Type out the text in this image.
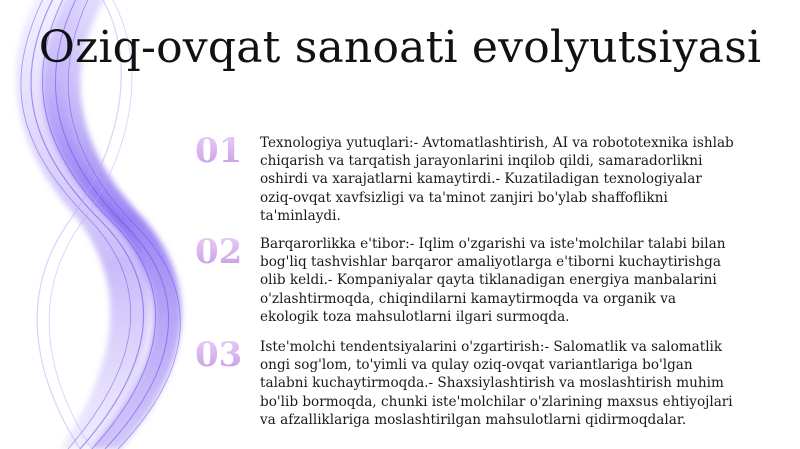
Oziq-ovqat sanoati evolyutsiyasi
01	Texnologiya yutuqlari:- Avtomatlashtirish, AI va robototexnika ishlab chiqarish va tarqatish jarayonlarini inqilob qildi, samaradorlikni oshirdi va xarajatlarni kamaytirdi.- Kuzatiladigan texnologiyalar oziq-ovqat xavfsizligi va ta'minot zanjiri bo'ylab shaffoflikni ta'minlaydi.
02	Barqarorlikka e'tibor:- Iqlim o'zgarishi va iste'molchilar talabi bilan bog'liq tashvishlar barqaror amaliyotlarga e'tiborni kuchaytirishga olib keldi.- Kompaniyalar qayta tiklanadigan energiya manbalarini o'zlashtirmoqda, chiqindilarni kamaytirmoqda va organik va ekologik toza mahsulotlarni ilgari surmoqda.
03	Iste'molchi tendentsiyalarini o'zgartirish:- Salomatlik va salomatlik ongi sog'lom, to'yimli va qulay oziq-ovqat variantlariga bo'lgan talabni kuchaytirmoqda.- Shaxsiylashtirish va moslashtirish muhim bo'lib bormoqda, chunki iste'molchilar o'zlarining maxsus ehtiyojlari va afzalliklariga moslashtirilgan mahsulotlarni qidirmoqdalar.
